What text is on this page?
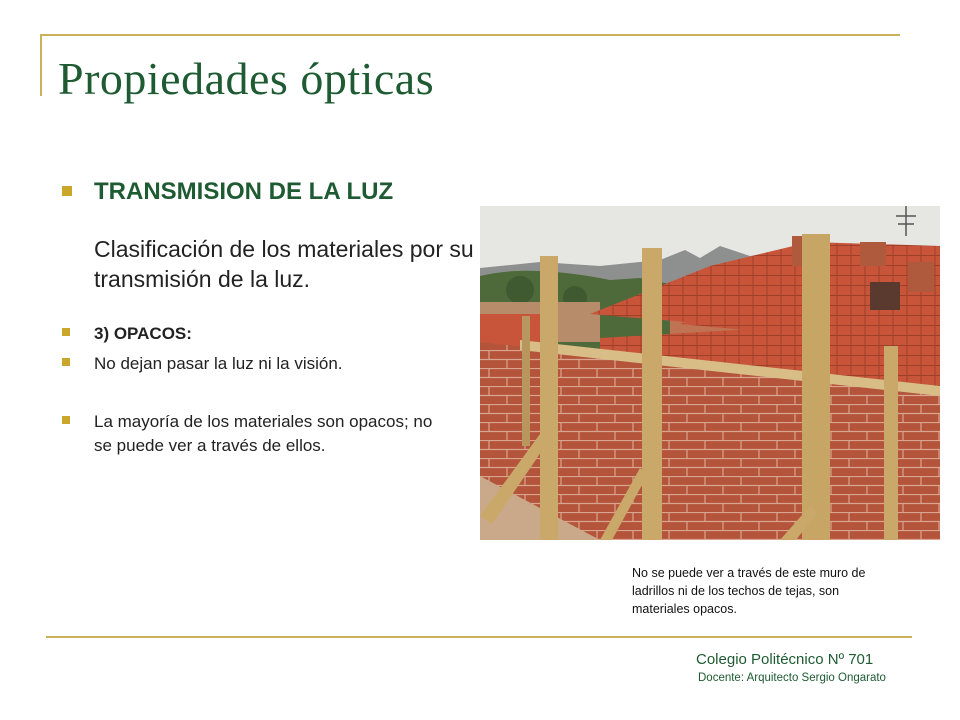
Propiedades ópticas
TRANSMISION DE LA LUZ
Clasificación de los materiales por su transmisión de la luz.
3) OPACOS:
No dejan pasar la luz ni la visión.
La mayoría de los materiales son opacos; no se puede ver a través de ellos.
No se puede ver a través de este muro de ladrillos ni de los techos de tejas, son materiales opacos.
Colegio Politécnico Nº 701
Docente: Arquitecto Sergio Ongarato
